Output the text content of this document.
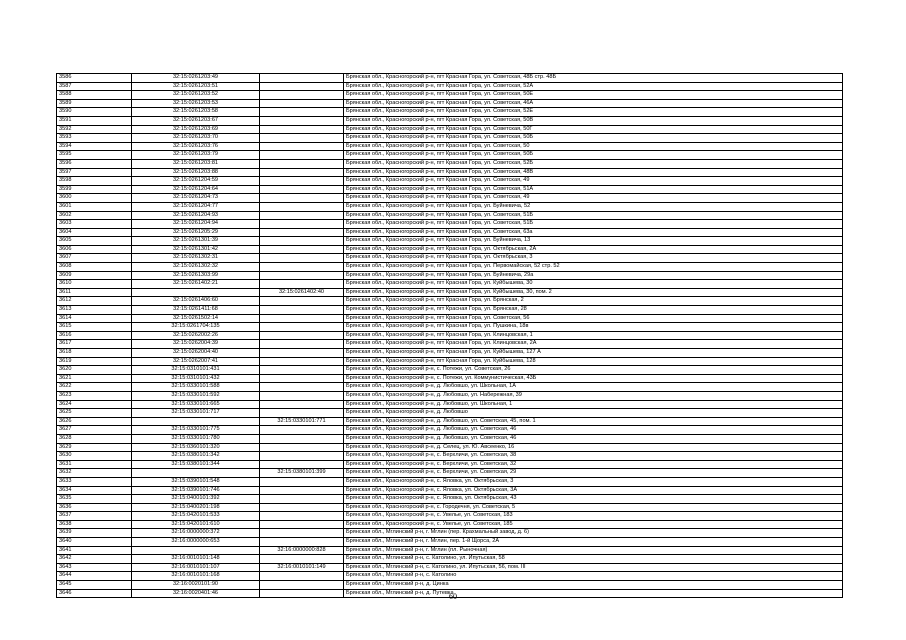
3586	32:15:0261203:49		Брянская обл., Красногорский р-н, пгт Красная Гора, ул. Советская, 48Б стр. 48Б
3587	32:15:0261203:51		Брянская обл., Красногорский р-н, пгт Красная Гора, ул. Советская, 52А
3588	32:15:0261203:52		Брянская обл., Красногорский р-н, пгт Красная Гора, ул. Советская, 50Е
3589	32:15:0261203:53		Брянская обл., Красногорский р-н, пгт Красная Гора, ул. Советская, 46А
3590	32:15:0261203:58		Брянская обл., Красногорский р-н, пгт Красная Гора, ул. Советская, 52Е
3591	32:15:0261203:67		Брянская обл., Красногорский р-н, пгт Красная Гора, ул. Советская, 50В
3592	32:15:0261203:69		Брянская обл., Красногорский р-н, пгт Красная Гора, ул. Советская, 50Г
3593	32:15:0261203:70		Брянская обл., Красногорский р-н, пгт Красная Гора, ул. Советская, 50Б
3594	32:15:0261203:76		Брянская обл., Красногорский р-н, пгт Красная Гора, ул. Советская, 50
3595	32:15:0261203:79		Брянская обл., Красногорский р-н, пгт Красная Гора, ул. Советская, 50Б
3596	32:15:0261203:81		Брянская обл., Красногорский р-н, пгт Красная Гора, ул. Советская, 52Б
3597	32:15:0261203:88		Брянская обл., Красногорский р-н, пгт Красная Гора, ул. Советская, 48В
3598	32:15:0261204:59		Брянская обл., Красногорский р-н, пгт Красная Гора, ул. Советская, 49
3599	32:15:0261204:64		Брянская обл., Красногорский р-н, пгт Красная Гора, ул. Советская, 51А
3600	32:15:0261204:73		Брянская обл., Красногорский р-н, пгт Красная Гора, ул. Советская, 49
3601	32:15:0261204:77		Брянская обл., Красногорский р-н, пгт Красная Гора, ул. Буйневича, 52
3602	32:15:0261204:93		Брянская обл., Красногорский р-н, пгт Красная Гора, ул. Советская, 51Б
3603	32:15:0261204:94		Брянская обл., Красногорский р-н, пгт Красная Гора, ул. Советская, 51Б
3604	32:15:0261205:29		Брянская обл., Красногорский р-н, пгт Красная Гора, ул. Советская, 63а
3605	32:15:0261301:39		Брянская обл., Красногорский р-н, пгт Красная Гора, ул. Буйневича, 13
3606	32:15:0261301:42		Брянская обл., Красногорский р-н, пгт Красная Гора, ул. Октябрьская, 2А
3607	32:15:0261302:31		Брянская обл., Красногорский р-н, пгт Красная Гора, ул. Октябрьская, 3
3608	32:15:0261302:32		Брянская обл., Красногорский р-н, пгт Красная Гора, ул. Первомайская, 52 стр. 52
3609	32:15:0261303:99		Брянская обл., Красногорский р-н, пгт Красная Гора, ул. Буйневича, 29а
3610	32:15:0261402:21		Брянская обл., Красногорский р-н, пгт Красная Гора, ул. Куйбышева, 30
3611		32:15:0261402:40	Брянская обл., Красногорский р-н, пгт Красная Гора, ул. Куйбышева, 30, пом. 2
3612	32:15:0261406:60		Брянская обл., Красногорский р-н, пгт Красная Гора, ул. Брянская, 2
3613	32:15:0261411:68		Брянская обл., Красногорский р-н, пгт Красная Гора, ул. Брянская, 28
3614	32:15:0261502:14		Брянская обл., Красногорский р-н, пгт Красная Гора, ул. Советская, 56
3615	32:15:0261704:135		Брянская обл., Красногорский р-н, пгт Красная Гора, ул. Пушкина, 18в
3616	32:15:0262002:26		Брянская обл., Красногорский р-н, пгт Красная Гора, ул. Клинцовская, 1
3617	32:15:0262004:39		Брянская обл., Красногорский р-н, пгт Красная Гора, ул. Клинцовская, 2А
3618	32:15:0262004:40		Брянская обл., Красногорский р-н, пгт Красная Гора, ул. Куйбышева, 127 А
3619	32:15:0262007:41		Брянская обл., Красногорский р-н, пгт Красная Гора, ул. Куйбышева, 128
3620	32:15:0310101:431		Брянская обл., Красногорский р-н, с. Потежи, ул. Советская, 26
3621	32:15:0310101:432		Брянская обл., Красногорский р-н, с. Потежи, ул. Коммунистическая, 43Б
3622	32:15:0330101:588		Брянская обл., Красногорский р-н, д. Любовшо, ул. Школьная, 1А
3623	32:15:0330101:592		Брянская обл., Красногорский р-н, д. Любовшо, ул. Набережная, 39
3624	32:15:0330101:665		Брянская обл., Красногорский р-н, д. Любовшо, ул. Школьная, 1
3625	32:15:0330101:717		Брянская обл., Красногорский р-н, д. Любовшо
3626		32:15:0330101:771	Брянская обл., Красногорский р-н, д. Любовшо, ул. Советская, 45, пом. 1
3627	32:15:0330101:775		Брянская обл., Красногорский р-н, д. Любовшо, ул. Советская, 46
3628	32:15:0330101:780		Брянская обл., Красногорский р-н, д. Любовшо, ул. Советская, 46
3629	32:15:0360101:320		Брянская обл., Красногорский р-н, д. Селец, ул. Ю. Авсеенко, 16
3630	32:15:0380101:342		Брянская обл., Красногорский р-н, с. Верхличи, ул. Советская, 38
3631	32:15:0380101:344		Брянская обл., Красногорский р-н, с. Верхличи, ул. Советская, 32
3632		32:15:0380101:399	Брянская обл., Красногорский р-н, с. Верхличи, ул. Советская, 29
3633	32:15:0390101:548		Брянская обл., Красногорский р-н, с. Яловка, ул. Октябрьская, 3
3634	32:15:0390101:746		Брянская обл., Красногорский р-н, с. Яловка, ул. Октябрьская, 3А
3635	32:15:0400101:392		Брянская обл., Красногорский р-н, с. Яловка, ул. Октябрьская, 43
3636	32:15:0400201:198		Брянская обл., Красногорский р-н, с. Городечня, ул. Советская, 5
3637	32:15:0420101:533		Брянская обл., Красногорский р-н, с. Увелье, ул. Советская, 183
3638	32:15:0420101:610		Брянская обл., Красногорский р-н, с. Увелье, ул. Советская, 185
3639	32:16:0000000:372		Брянская обл., Мглинский р-н, г. Мглин (пер. Крахмальный завод, д. 6)
3640	32:16:0000000:653		Брянская обл., Мглинский р-н, г. Мглин, пер. 1-й Щорса, 2А
3641		32:16:0000000:828	Брянская обл., Мглинский р-н, г. Мглин (пл. Рыночная)
3642	32:16:0010101:148		Брянская обл., Мглинский р-н, с. Католино, ул. Ипутьская, 58
3643	32:16:0010101:107	32:16:0010101:149	Брянская обл., Мглинский р-н, с. Католино, ул. Ипутьская, 56, пом. III
3644	32:16:0010101:168		Брянская обл., Мглинский р-н, с. Католино
3645	32:16:0020101:90		Брянская обл., Мглинский р-н, д. Цинка
3646	32:16:0020401:46		Брянская обл., Мглинский р-н, д. Путевка
60
